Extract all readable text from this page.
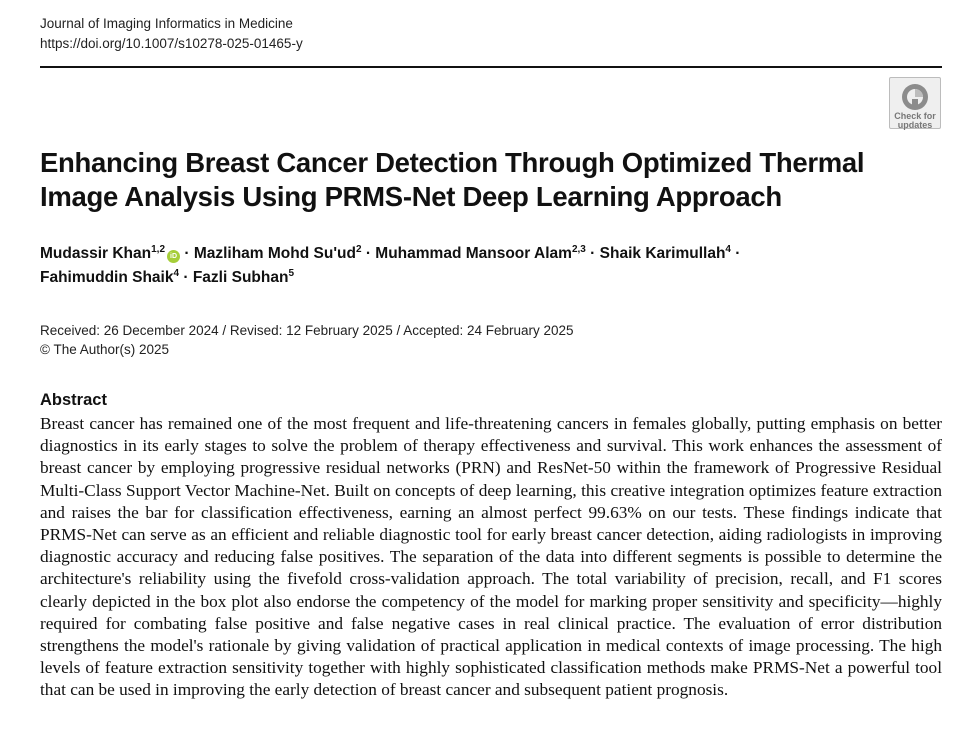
Journal of Imaging Informatics in Medicine
https://doi.org/10.1007/s10278-025-01465-y
Check for
updates
Enhancing Breast Cancer Detection Through Optimized Thermal
Image Analysis Using PRMS-Net Deep Learning Approach
Mudassir Khan$^{1,2}$iD · Mazliham Mohd $Su'ud^2$ · Muhammad Mansoor Alam$^{2,3}$ · Shaik Karimullah$^4$ ·
Fahimuddin Shaik$^4$ · Fazli Subhan$^5$
Received: 26 December 2024 / Revised: 12 February 2025 / Accepted: 24 February 2025
© The Author(s) 2025
Abstract
Breast cancer has remained one of the most frequent and life-threatening cancers in females globally, putting emphasis on better diagnostics in its early stages to solve the problem of therapy effectiveness and survival. This work enhances the assessment of breast cancer by employing progressive residual networks (PRN) and ResNet-50 within the framework of Progressive Residual Multi-Class Support Vector Machine-Net. Built on concepts of deep learning, this creative integration optimizes feature extraction and raises the bar for classification effectiveness, earning an almost perfect 99.63% on our tests. These findings indicate that PRMS-Net can serve as an efficient and reliable diagnostic tool for early breast cancer detection, aiding radiologists in improving diagnostic accuracy and reducing false positives. The separation of the data into different segments is possible to determine the architecture's reliability using the fivefold cross-validation approach. The total variability of precision, recall, and F1 scores clearly depicted in the box plot also endorse the competency of the model for marking proper sensitivity and specificity—highly required for combating false positive and false negative cases in real clinical practice. The evaluation of error distribution strengthens the model's rationale by giving validation of practical application in medical contexts of image processing. The high levels of feature extraction sensitivity together with highly sophisticated classification methods make PRMS-Net a powerful tool that can be used in improving the early detection of breast cancer and subsequent patient prognosis.
